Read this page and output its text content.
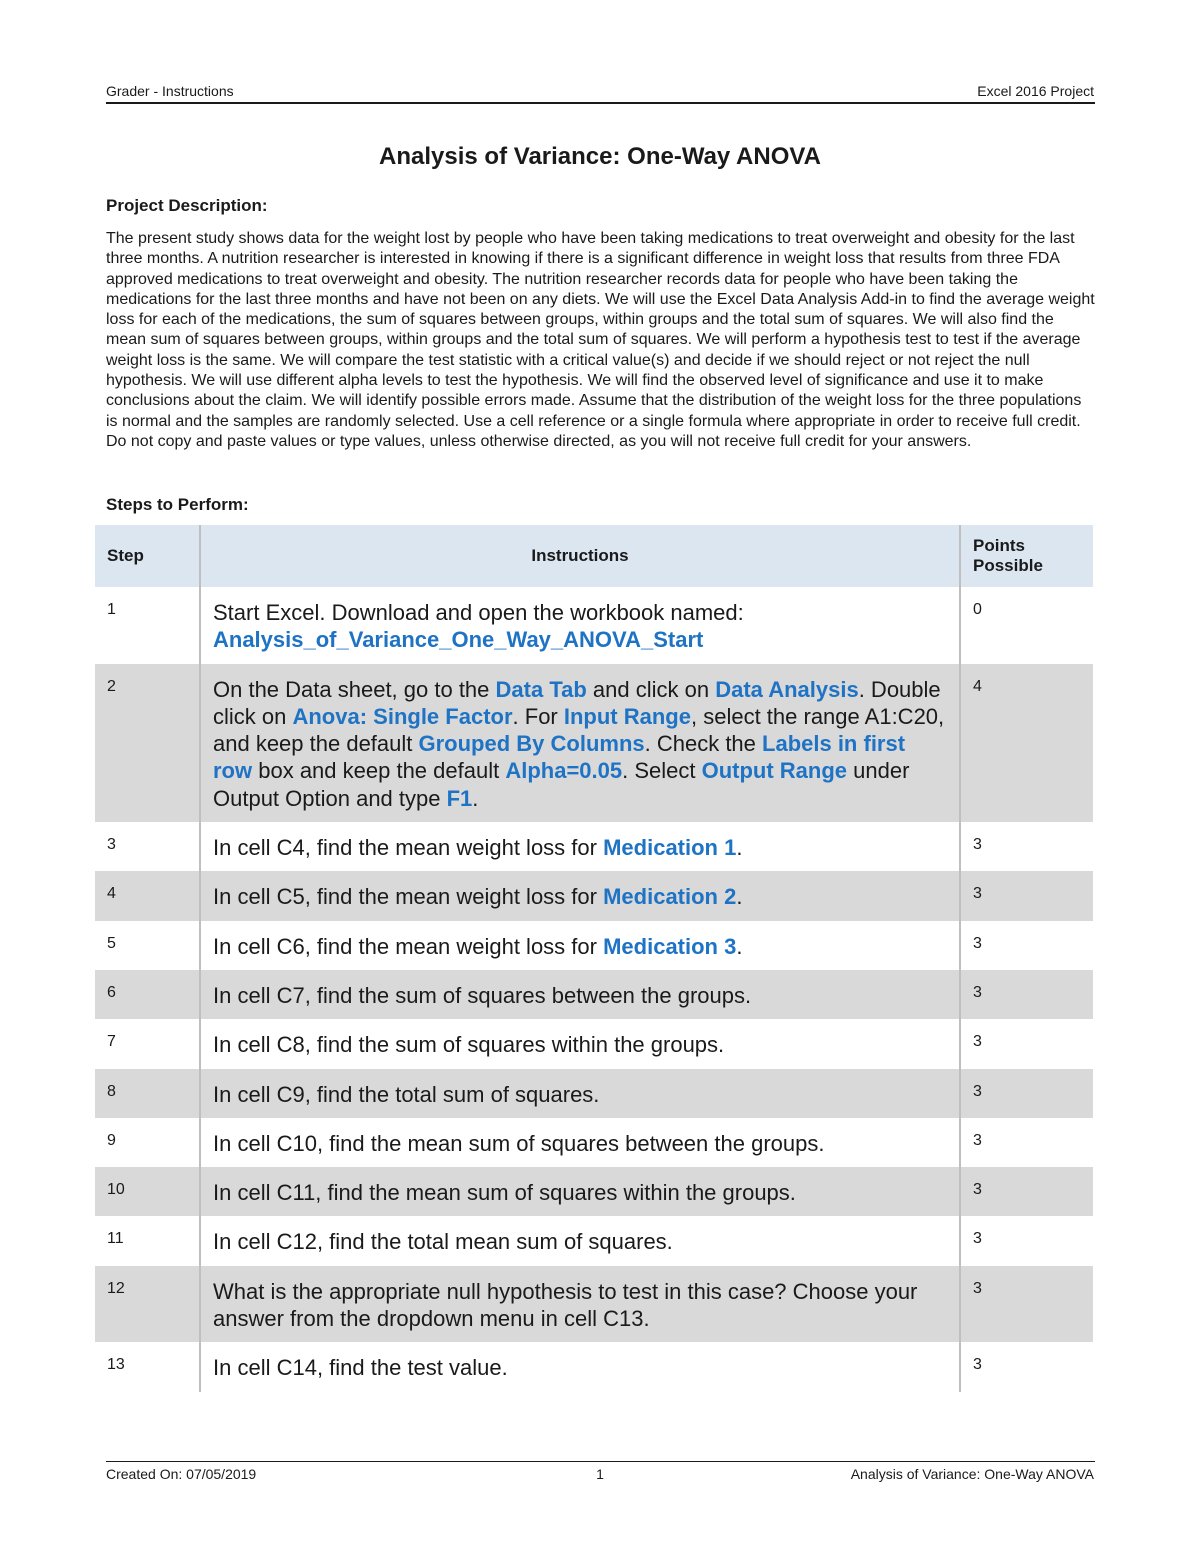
Grader - Instructions	Excel 2016 Project
Analysis of Variance: One-Way ANOVA
Project Description:

The present study shows data for the weight lost by people who have been taking medications to treat overweight and obesity for the last three months. A nutrition researcher is interested in knowing if there is a significant difference in weight loss that results from three FDA approved medications to treat overweight and obesity. The nutrition researcher records data for people who have been taking the medications for the last three months and have not been on any diets. We will use the Excel Data Analysis Add-in to find the average weight loss for each of the medications, the sum of squares between groups, within groups and the total sum of squares. We will also find the mean sum of squares between groups, within groups and the total sum of squares. We will perform a hypothesis test to test if the average weight loss is the same. We will compare the test statistic with a critical value(s) and decide if we should reject or not reject the null hypothesis. We will use different alpha levels to test the hypothesis. We will find the observed level of significance and use it to make conclusions about the claim. We will identify possible errors made. Assume that the distribution of the weight loss for the three populations is normal and the samples are randomly selected. Use a cell reference or a single formula where appropriate in order to receive full credit. Do not copy and paste values or type values, unless otherwise directed, as you will not receive full credit for your answers.

Steps to Perform:
Step	Instructions	Points Possible
1	Start Excel. Download and open the workbook named: Analysis_of_Variance_One_Way_ANOVA_Start	0
2	On the Data sheet, go to the Data Tab and click on Data Analysis. Double click on Anova: Single Factor. For Input Range, select the range A1:C20, and keep the default Grouped By Columns. Check the Labels in first row box and keep the default Alpha=0.05. Select Output Range under Output Option and type F1.	4
3	In cell C4, find the mean weight loss for Medication 1.	3
4	In cell C5, find the mean weight loss for Medication 2.	3
5	In cell C6, find the mean weight loss for Medication 3.	3
6	In cell C7, find the sum of squares between the groups.	3
7	In cell C8, find the sum of squares within the groups.	3
8	In cell C9, find the total sum of squares.	3
9	In cell C10, find the mean sum of squares between the groups.	3
10	In cell C11, find the mean sum of squares within the groups.	3
11	In cell C12, find the total mean sum of squares.	3
12	What is the appropriate null hypothesis to test in this case? Choose your answer from the dropdown menu in cell C13.	3
13	In cell C14, find the test value.	3
Created On: 07/05/2019	1	Analysis of Variance: One-Way ANOVA
